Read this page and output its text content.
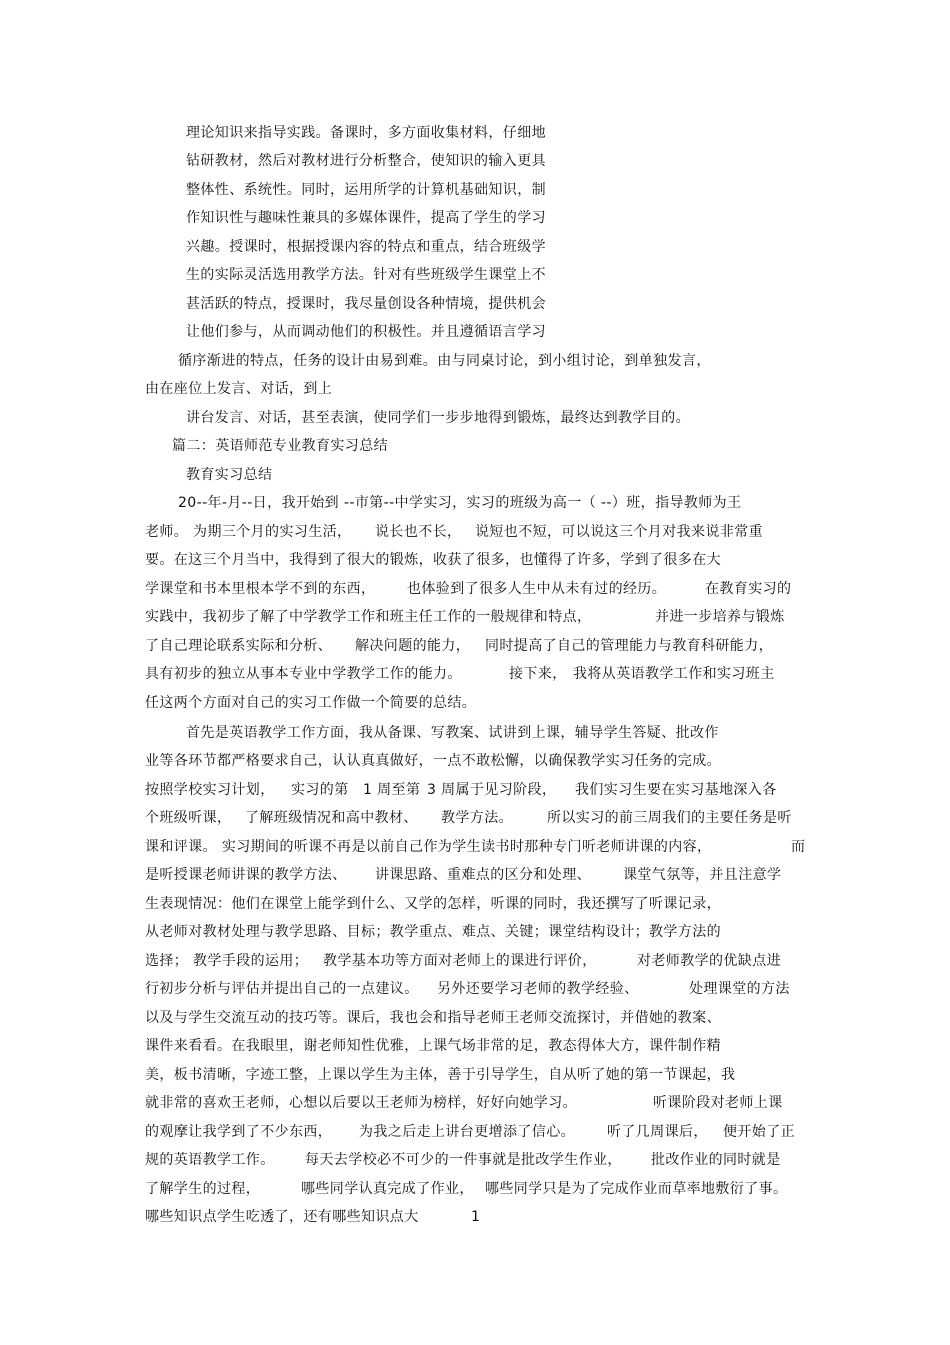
理论知识来指导实践。备课时，多方面收集材料，仔细地
钻研教材，然后对教材进行分析整合，使知识的输入更具
整体性、系统性。同时，运用所学的计算机基础知识，制
作知识性与趣味性兼具的多媒体课件，提高了学生的学习
兴趣。授课时，根据授课内容的特点和重点，结合班级学
生的实际灵活选用教学方法。针对有些班级学生课堂上不
甚活跃的特点，授课时，我尽量创设各种情境，提供机会
让他们参与，从而调动他们的积极性。并且遵循语言学习
循序渐进的特点，任务的设计由易到难。由与同桌讨论，到小组讨论，到单独发言，
由在座位上发言、对话，到上
讲台发言、对话，甚至表演，使同学们一步步地得到锻炼，最终达到教学目的。
篇二：英语师范专业教育实习总结
教育实习总结
20--年-月--日，我开始到 --市第--中学实习，实习的班级为高一（ --）班，指导教师为王
老师。 为期三个月的实习生活， 说长也不长， 说短也不短，可以说这三个月对我来说非常重
要。在这三个月当中，我得到了很大的锻炼，收获了很多，也懂得了许多，学到了很多在大
学课堂和书本里根本学不到的东西， 也体验到了很多人生中从未有过的经历。	在教育实习的
实践中，我初步了解了中学教学工作和班主任工作的一般规律和特点，	并进一步培养与锻炼
了自己理论联系实际和分析、 解决问题的能力， 同时提高了自己的管理能力与教育科研能力，
具有初步的独立从事本专业中学教学工作的能力。	接下来， 我将从英语教学工作和实习班主
任这两个方面对自己的实习工作做一个简要的总结。
首先是英语教学工作方面，我从备课、写教案、试讲到上课，辅导学生答疑、批改作
业等各环节都严格要求自己，认认真真做好，一点不敢松懈，以确保教学实习任务的完成。
按照学校实习计划， 实习的第 1 周至第 3 周属于见习阶段， 我们实习生要在实习基地深入各
个班级听课， 了解班级情况和高中教材、 教学方法。 所以实习的前三周我们的主要任务是听
课和评课。 实习期间的听课不再是以前自己作为学生读书时那种专门听老师讲课的内容，	而
是听授课老师讲课的教学方法、 讲课思路、重难点的区分和处理、 课堂气氛等，并且注意学
生表现情况：他们在课堂上能学到什么、又学的怎样，听课的同时，我还撰写了听课记录，
从老师对教材处理与教学思路、目标；教学重点、难点、关键；课堂结构设计；教学方法的
选择； 教学手段的运用； 教学基本功等方面对老师上的课进行评价，	对老师教学的优缺点进
行初步分析与评估并提出自己的一点建议。 另外还要学习老师的教学经验、	处理课堂的方法
以及与学生交流互动的技巧等。课后，我也会和指导老师王老师交流探讨，并借她的教案、
课件来看看。在我眼里，谢老师知性优雅，上课气场非常的足，教态得体大方，课件制作精
美，板书清晰，字迹工整，上课以学生为主体，善于引导学生，自从听了她的第一节课起，我
就非常的喜欢王老师，心想以后要以王老师为榜样，好好向她学习。	听课阶段对老师上课
的观摩让我学到了不少东西， 为我之后走上讲台更增添了信心。 听了几周课后， 便开始了正
规的英语教学工作。 每天去学校必不可少的一件事就是批改学生作业， 批改作业的同时就是
了解学生的过程，	哪些同学认真完成了作业， 哪些同学只是为了完成作业而草率地敷衍了事。
哪些知识点学生吃透了，还有哪些知识点大	1
